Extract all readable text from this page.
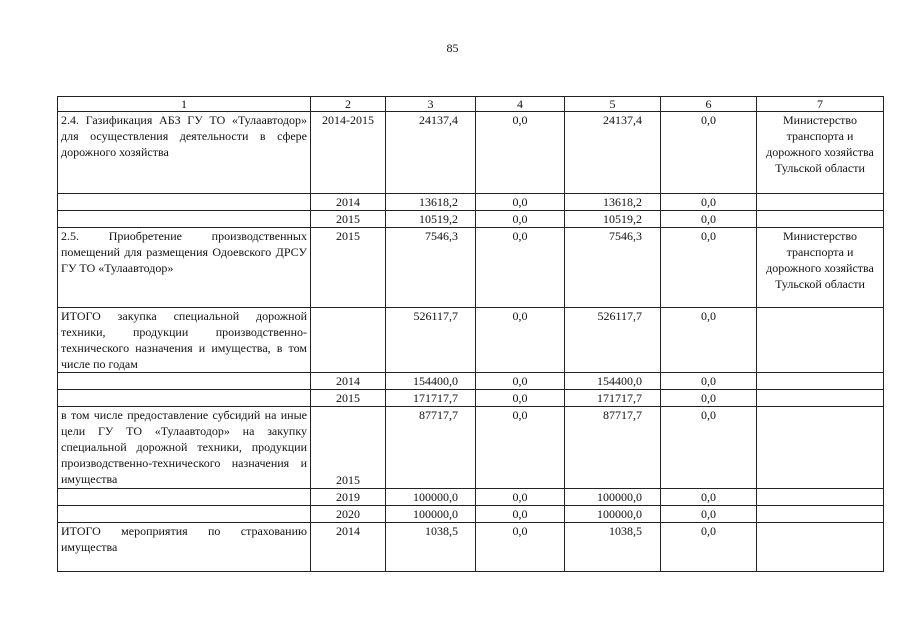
85
1	2	3	4	5	6	7
2.4. Газификация АБЗ ГУ ТО «Тулаавтодор» для осуществления деятельности в сфере дорожного хозяйства	2014-2015	24137,4	0,0	24137,4	0,0	Министерство транспорта и дорожного хозяйства Тульской области
	2014	13618,2	0,0	13618,2	0,0	
	2015	10519,2	0,0	10519,2	0,0	
2.5. Приобретение производственных помещений для размещения Одоевского ДРСУ ГУ ТО «Тулаавтодор»	2015	7546,3	0,0	7546,3	0,0	Министерство транспорта и дорожного хозяйства Тульской области
ИТОГО закупка специальной дорожной техники, продукции производственно-технического назначения и имущества, в том числе по годам		526117,7	0,0	526117,7	0,0	
	2014	154400,0	0,0	154400,0	0,0	
	2015	171717,7	0,0	171717,7	0,0	
в том числе предоставление субсидий на иные цели ГУ ТО «Тулаавтодор» на закупку специальной дорожной техники, продукции производственно-технического назначения и имущества	2015	87717,7	0,0	87717,7	0,0	
	2019	100000,0	0,0	100000,0	0,0	
	2020	100000,0	0,0	100000,0	0,0	
ИТОГО мероприятия по страхованию имущества	2014	1038,5	0,0	1038,5	0,0	
